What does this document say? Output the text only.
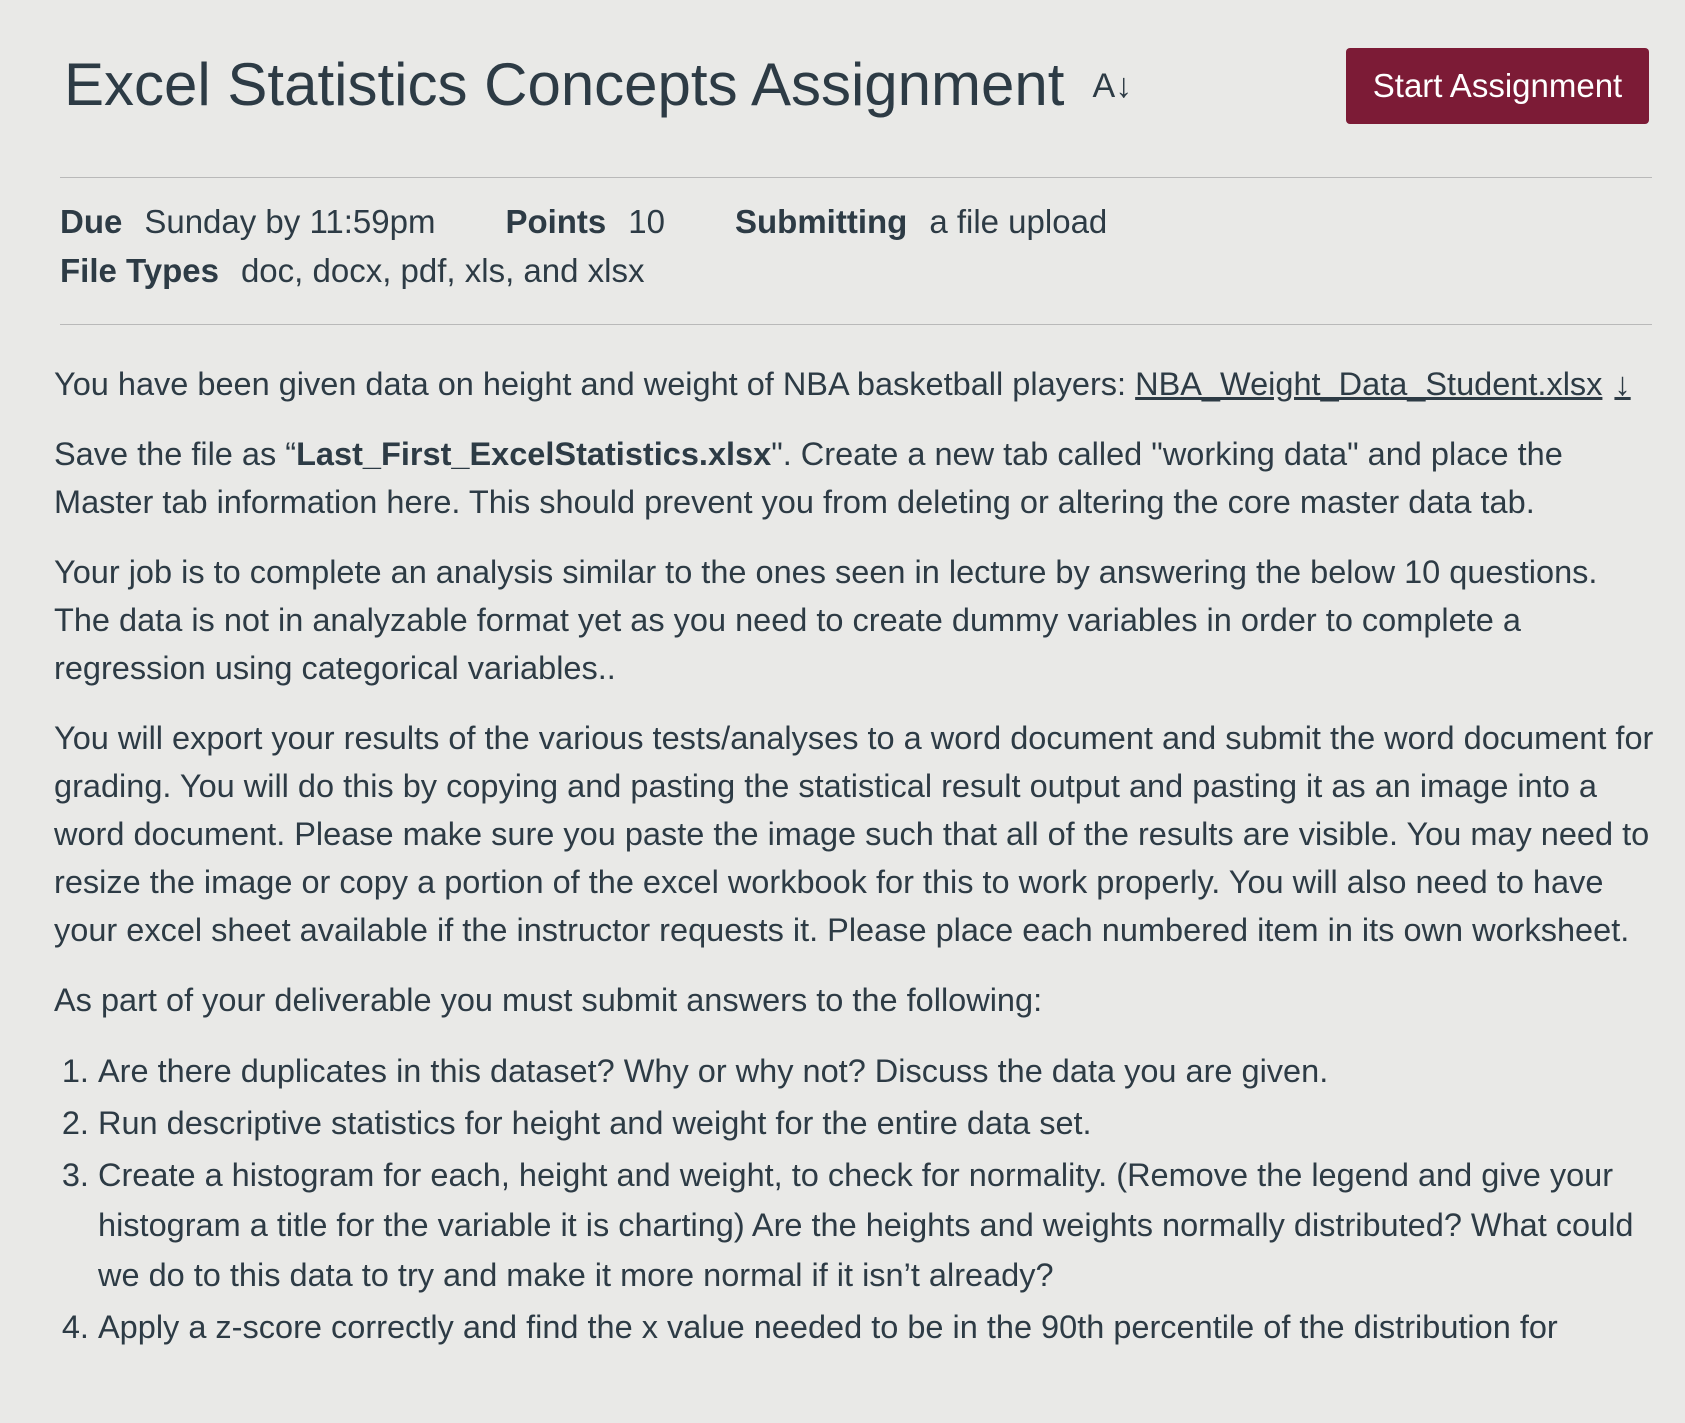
Excel Statistics Concepts Assignment A↓	Start Assignment
Due Sunday by 11:59pm Points 10 Submitting a file upload
File Types doc, docx, pdf, xls, and xlsx

You have been given data on height and weight of NBA basketball players: NBA_Weight_Data_Student.xlsx ↓

Save the file as “Last_First_ExcelStatistics.xlsx". Create a new tab called "working data" and place the Master tab information here. This should prevent you from deleting or altering the core master data tab.

Your job is to complete an analysis similar to the ones seen in lecture by answering the below 10 questions. The data is not in analyzable format yet as you need to create dummy variables in order to complete a regression using categorical variables..

You will export your results of the various tests/analyses to a word document and submit the word document for grading. You will do this by copying and pasting the statistical result output and pasting it as an image into a word document. Please make sure you paste the image such that all of the results are visible. You may need to resize the image or copy a portion of the excel workbook for this to work properly. You will also need to have your excel sheet available if the instructor requests it. Please place each numbered item in its own worksheet.

As part of your deliverable you must submit answers to the following:

1. Are there duplicates in this dataset? Why or why not? Discuss the data you are given.
2. Run descriptive statistics for height and weight for the entire data set.
3. Create a histogram for each, height and weight, to check for normality. (Remove the legend and give your histogram a title for the variable it is charting) Are the heights and weights normally distributed? What could we do to this data to try and make it more normal if it isn’t already?
4. Apply a z-score correctly and find the x value needed to be in the 90th percentile of the distribution for
